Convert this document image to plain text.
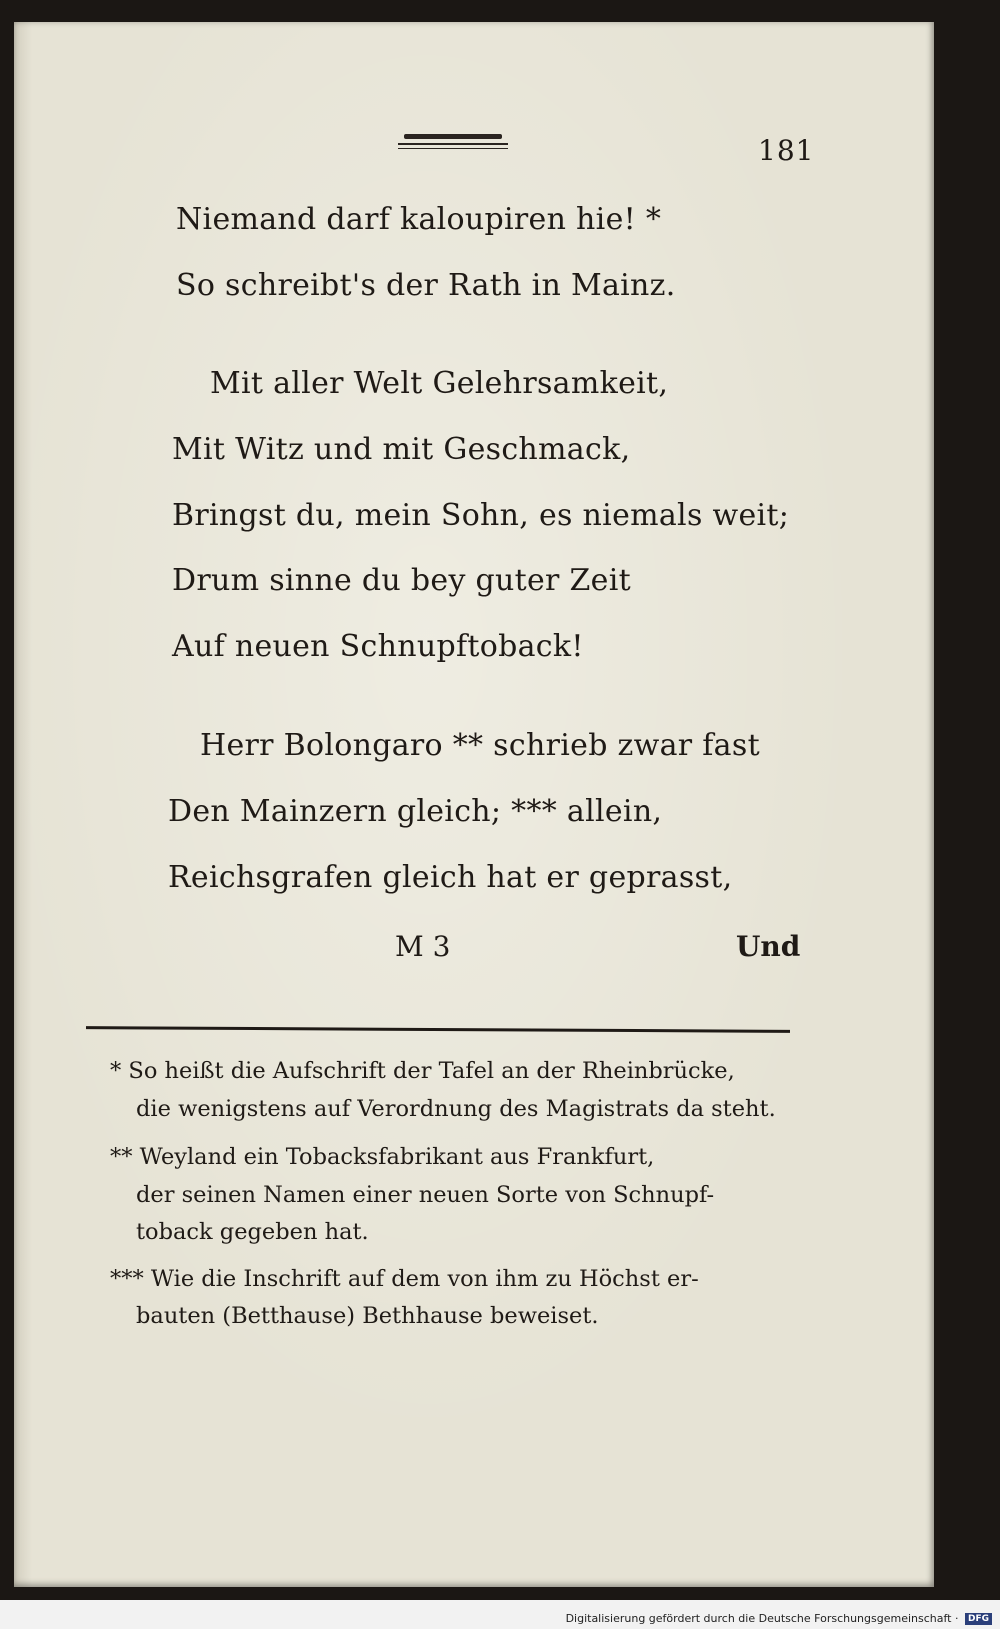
181
Niemand darf kaloupiren hie! *
So schreibt's der Rath in Mainz.
Mit aller Welt Gelehrsamkeit,
Mit Witz und mit Geschmack,
Bringst du, mein Sohn, es niemals weit;
Drum sinne du bey guter Zeit
Auf neuen Schnupftoback!
Herr Bolongaro ** schrieb zwar fast
Den Mainzern gleich; *** allein,
Reichsgrafen gleich hat er geprasst,
M 3	Und
* So heißt die Aufschrift der Tafel an der Rheinbrücke,
die wenigstens auf Verordnung des Magistrats da steht.
** Weyland ein Tobacksfabrikant aus Frankfurt,
der seinen Namen einer neuen Sorte von Schnupf-
toback gegeben hat.
*** Wie die Inschrift auf dem von ihm zu Höchst er-
bauten (Betthause) Bethhause beweiset.
Digitalisierung gefördert durch die Deutsche Forschungsgemeinschaft · DFG
